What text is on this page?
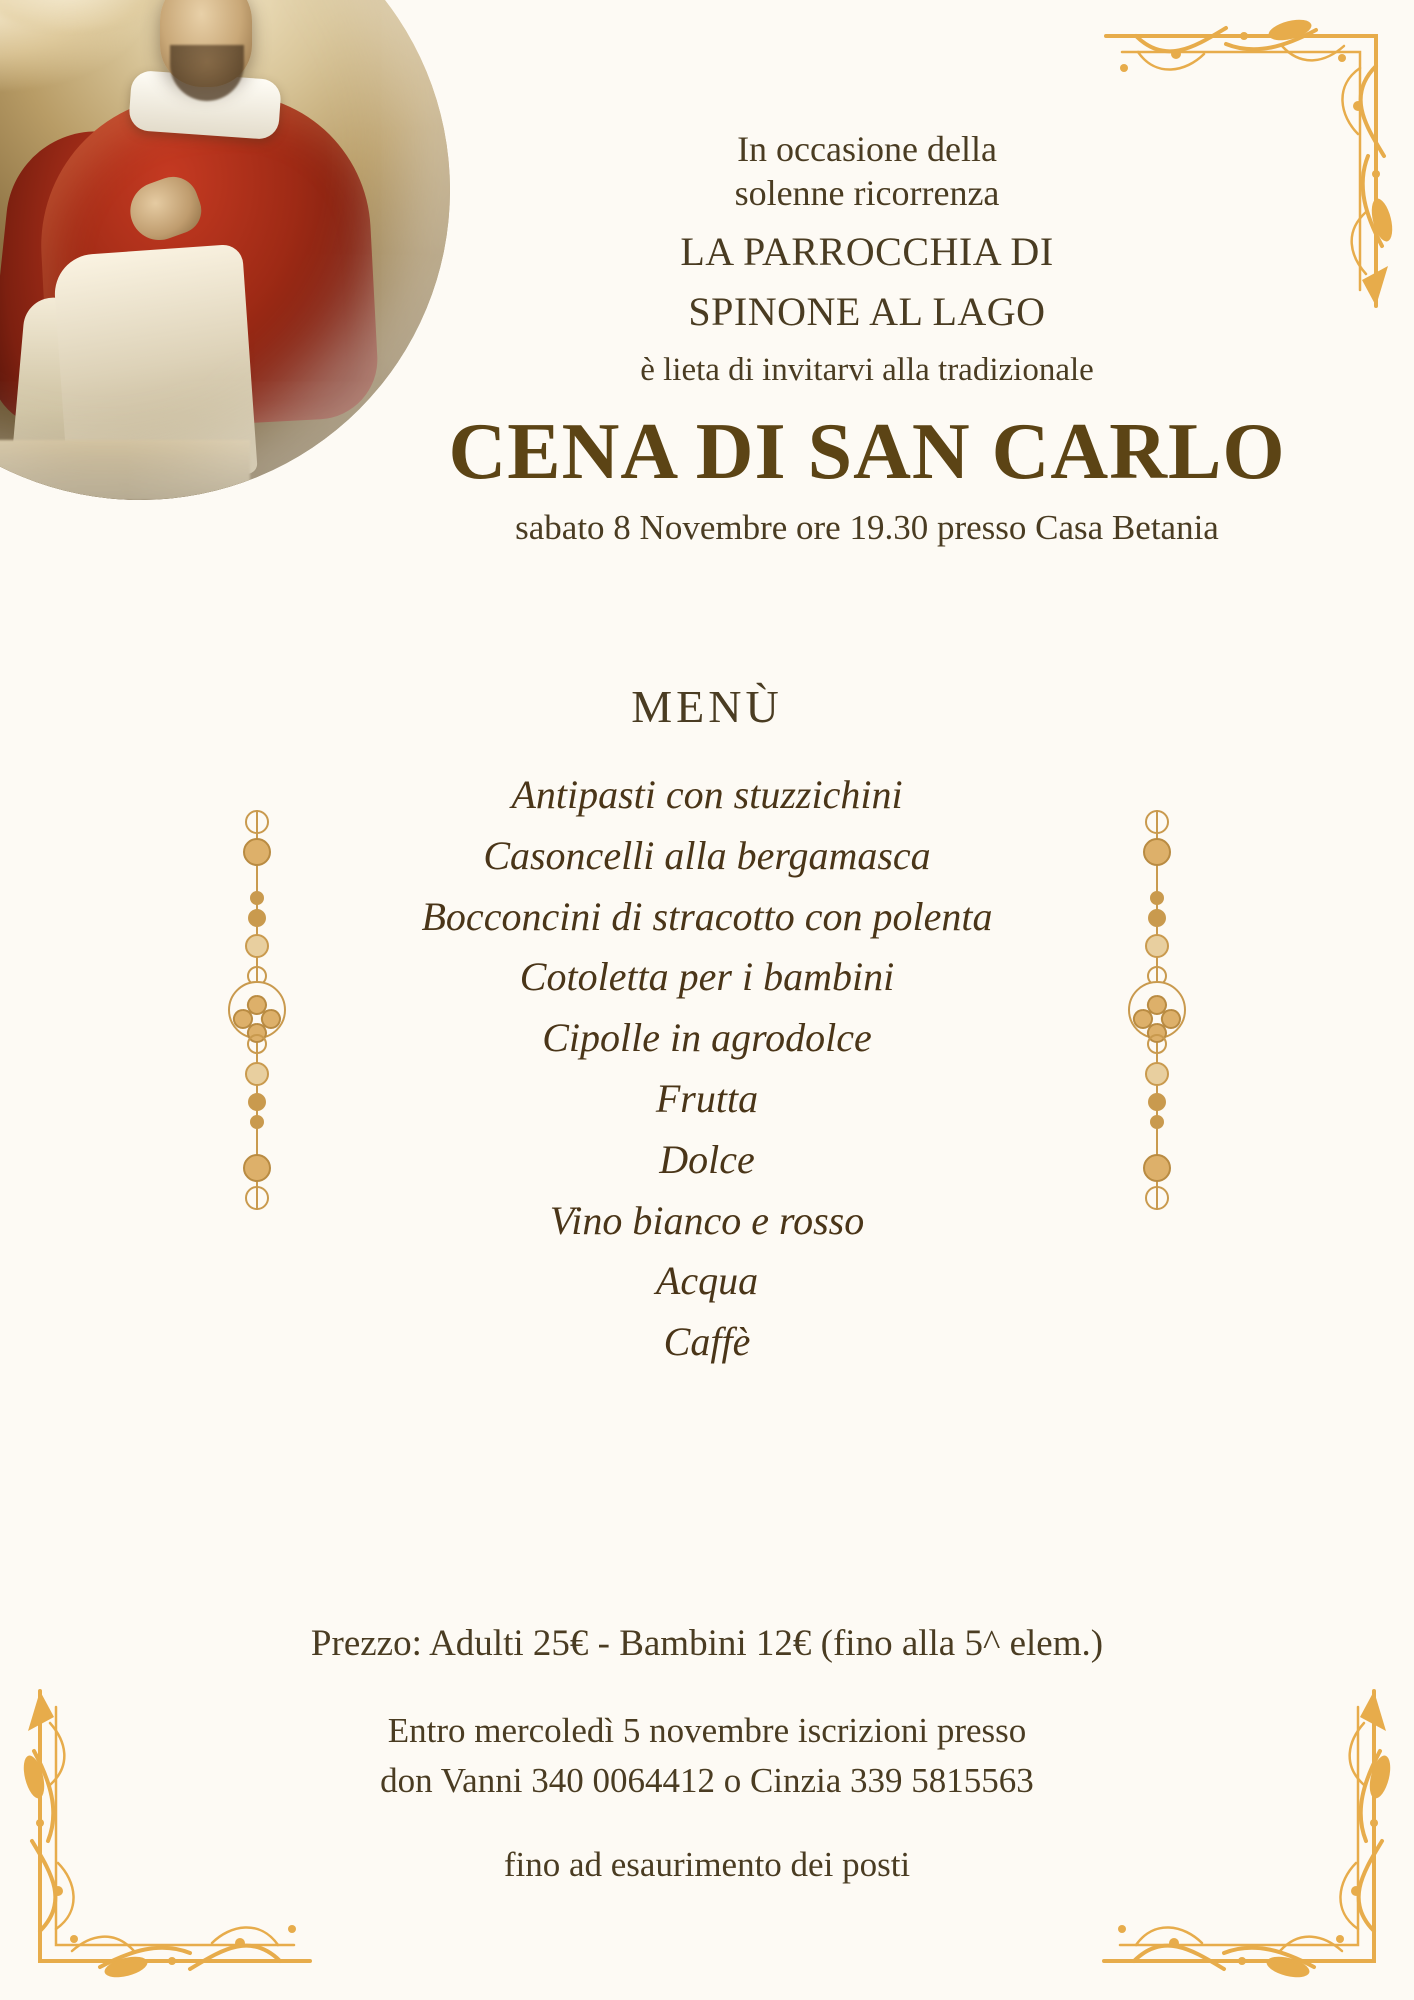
In occasione della
solenne ricorrenza
LA PARROCCHIA DI
SPINONE AL LAGO
è lieta di invitarvi alla tradizionale
CENA DI SAN CARLO
sabato 8 Novembre ore 19.30 presso Casa Betania
MENÙ
Antipasti con stuzzichini
Casoncelli alla bergamasca
Bocconcini di stracotto con polenta
Cotoletta per i bambini
Cipolle in agrodolce
Frutta
Dolce
Vino bianco e rosso
Acqua
Caffè
Prezzo: Adulti 25€ - Bambini 12€ (fino alla 5^ elem.)
Entro mercoledì 5 novembre iscrizioni presso
don Vanni 340 0064412 o Cinzia 339 5815563
fino ad esaurimento dei posti
